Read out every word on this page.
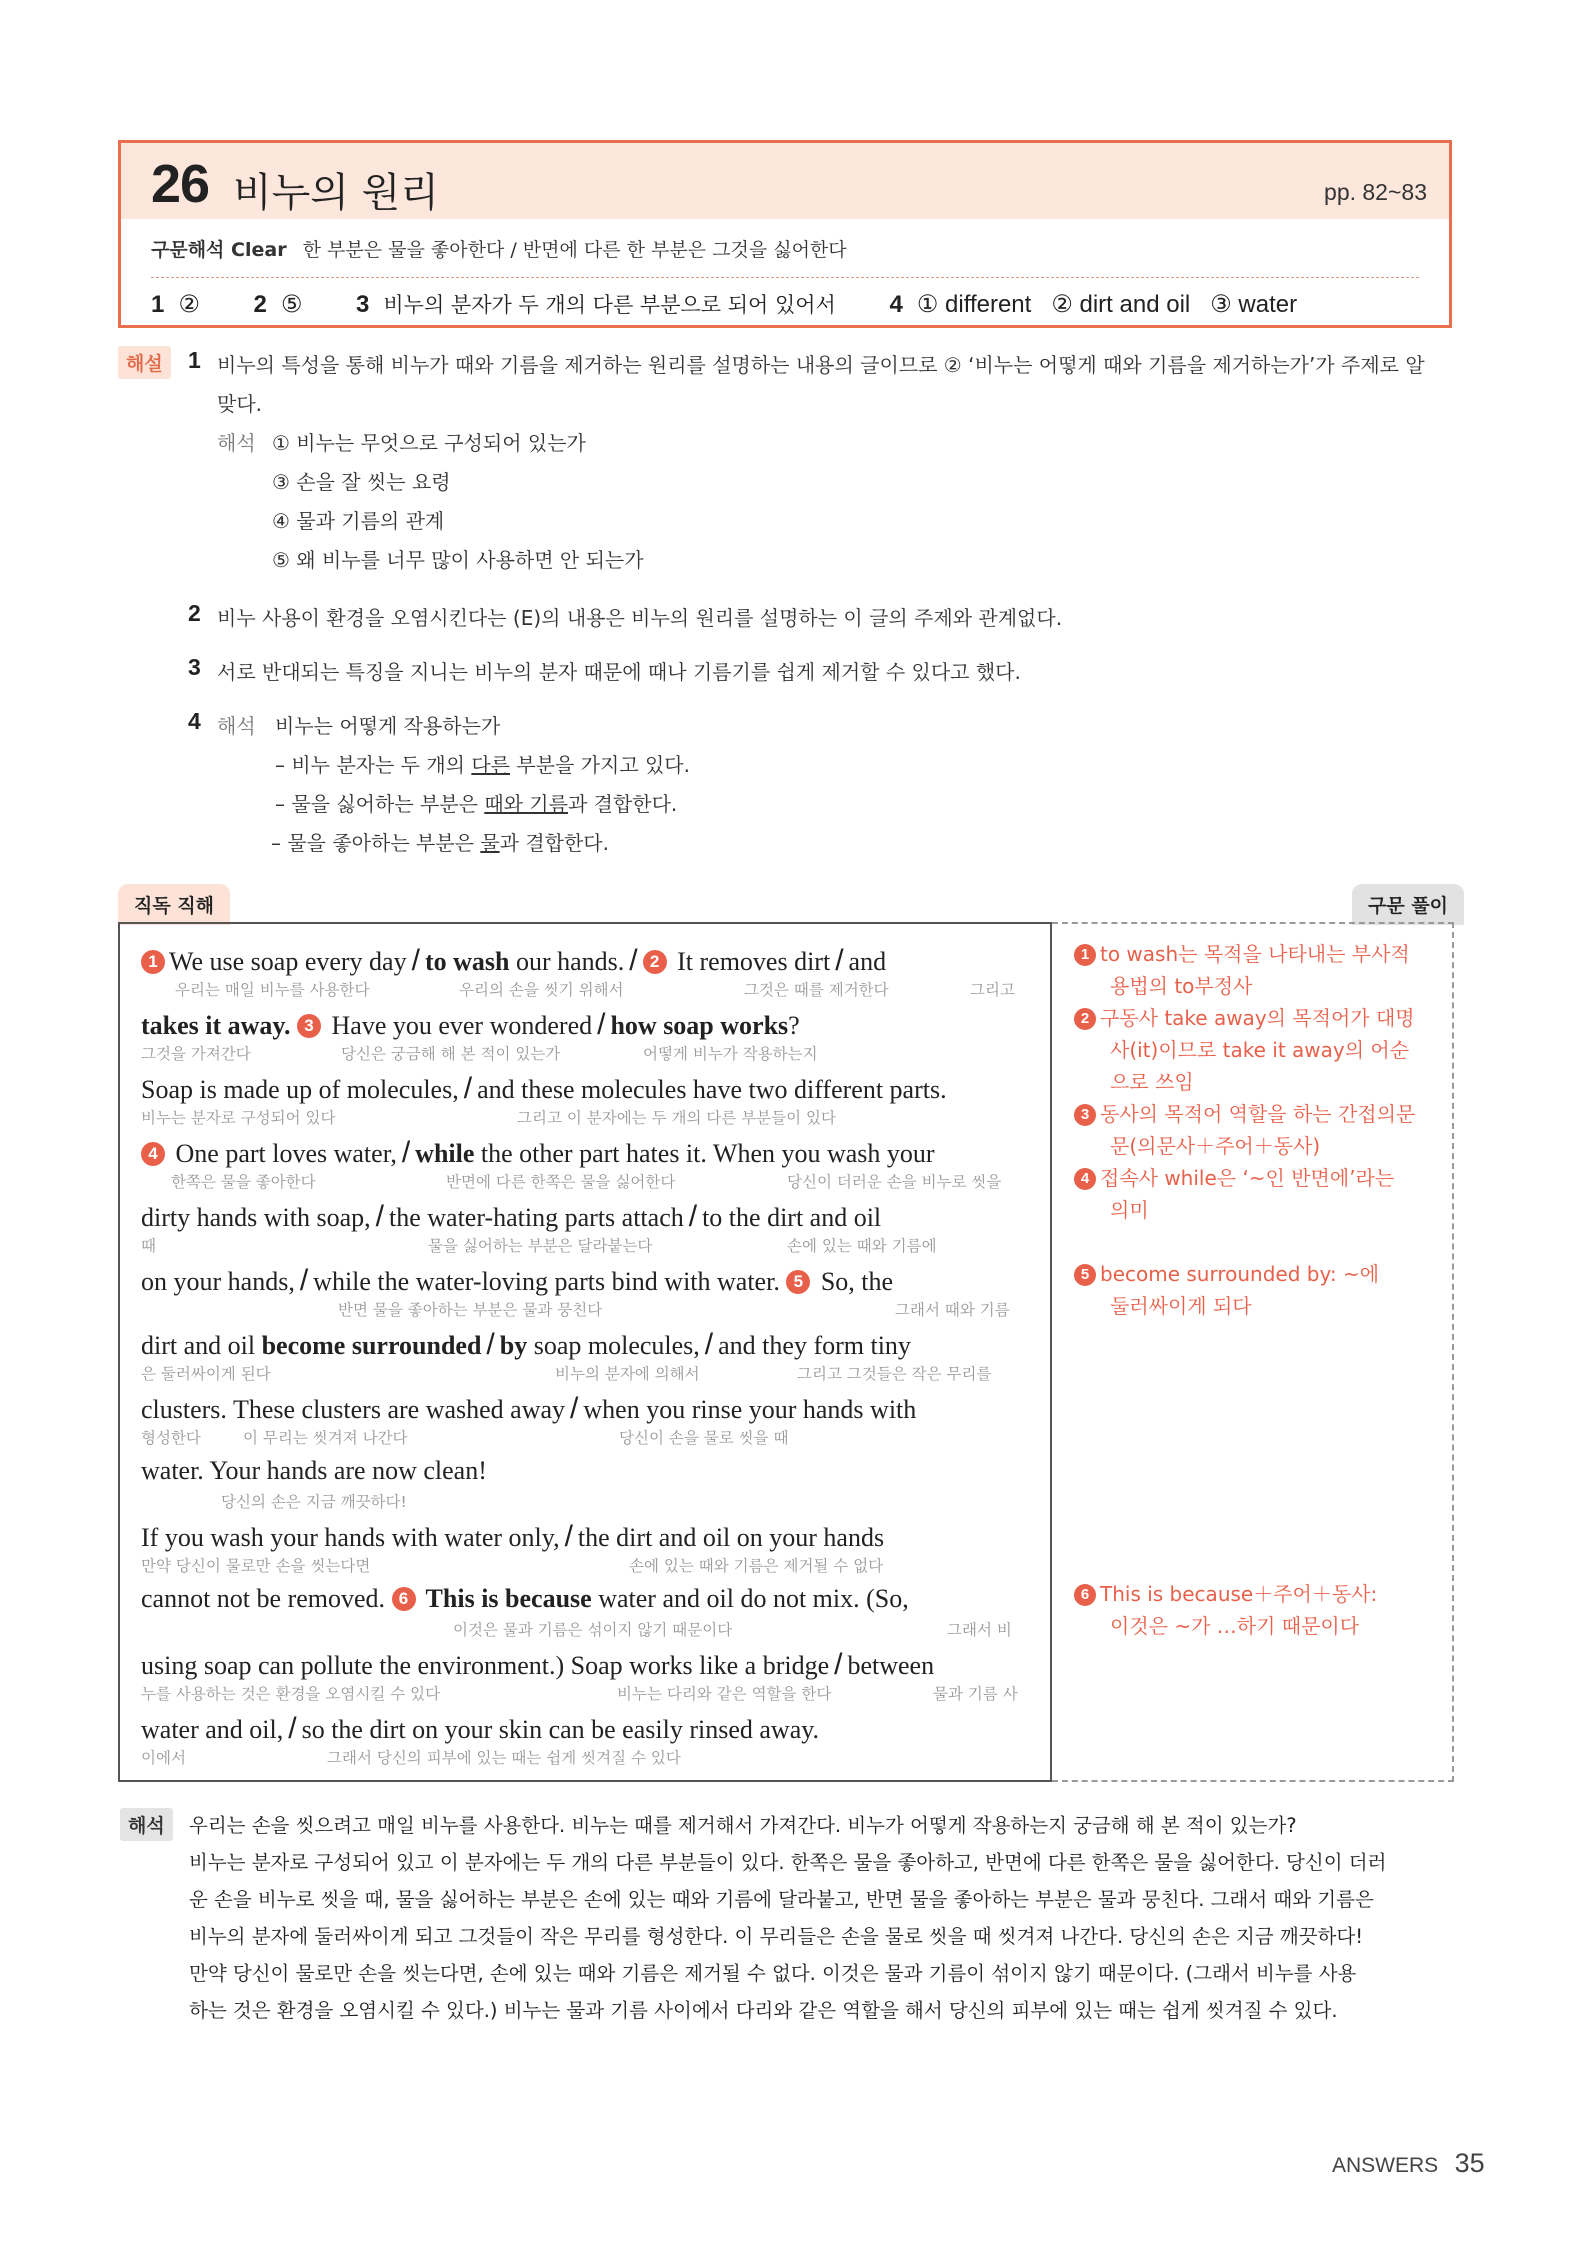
26 비누의 원리	pp. 82~83
구문해석 Clear 한 부분은 물을 좋아한다 / 반면에 다른 한 부분은 그것을 싫어한다
1 ② 2 ⑤ 3 비누의 분자가 두 개의 다른 부분으로 되어 있어서 4 ① different   ② dirt and oil   ③ water
해설	1 비누의 특성을 통해 비누가 때와 기름을 제거하는 원리를 설명하는 내용의 글이므로 ② ‘비누는 어떻게 때와 기름을 제거하는가’가 주제로 알
맞다.
해석 ① 비누는 무엇으로 구성되어 있는가
③ 손을 잘 씻는 요령
④ 물과 기름의 관계
⑤ 왜 비누를 너무 많이 사용하면 안 되는가
2 비누 사용이 환경을 오염시킨다는 (E)의 내용은 비누의 원리를 설명하는 이 글의 주제와 관계없다.
3 서로 반대되는 특징을 지니는 비누의 분자 때문에 때나 기름기를 쉽게 제거할 수 있다고 했다.
4 해석 비누는 어떻게 작용하는가
– 비누 분자는 두 개의 다른 부분을 가지고 있다.
– 물을 싫어하는 부분은 때와 기름과 결합한다.
– 물을 좋아하는 부분은 물과 결합한다.
직독 직해	구문 풀이
1 We use soap every day / to wash our hands. / 2 It removes dirt / and
우리는 매일 비누를 사용한다	우리의 손을 씻기 위해서	그것은 때를 제거한다	그리고
takes it away. 3 Have you ever wondered / how soap works?
그것을 가져간다	당신은 궁금해 해 본 적이 있는가	어떻게 비누가 작용하는지
Soap is made up of molecules, / and these molecules have two different parts.
비누는 분자로 구성되어 있다	그리고 이 분자에는 두 개의 다른 부분들이 있다
4 One part loves water, / while the other part hates it. When you wash your
한쪽은 물을 좋아한다	반면에 다른 한쪽은 물을 싫어한다	당신이 더러운 손을 비누로 씻을
dirty hands with soap, / the water-hating parts attach / to the dirt and oil
때	물을 싫어하는 부분은 달라붙는다	손에 있는 때와 기름에
on your hands, / while the water-loving parts bind with water. 5 So, the
반면 물을 좋아하는 부분은 물과 뭉친다	그래서 때와 기름
dirt and oil become surrounded / by soap molecules, / and they form tiny
은 둘러싸이게 된다	비누의 분자에 의해서	그리고 그것들은 작은 무리를
clusters. These clusters are washed away / when you rinse your hands with
형성한다	이 무리는 씻겨져 나간다	당신이 손을 물로 씻을 때
water. Your hands are now clean!
당신의 손은 지금 깨끗하다!
If you wash your hands with water only, / the dirt and oil on your hands
만약 당신이 물로만 손을 씻는다면	손에 있는 때와 기름은 제거될 수 없다
cannot not be removed. 6 This is because water and oil do not mix. (So,
이것은 물과 기름은 섞이지 않기 때문이다	그래서 비
using soap can pollute the environment.) Soap works like a bridge / between
누를 사용하는 것은 환경을 오염시킬 수 있다	비누는 다리와 같은 역할을 한다	물과 기름 사
water and oil, / so the dirt on your skin can be easily rinsed away.
이에서	그래서 당신의 피부에 있는 때는 쉽게 씻겨질 수 있다
1 to wash는 목적을 나타내는 부사적
용법의 to부정사
2 구동사 take away의 목적어가 대명
사(it)이므로 take it away의 어순
으로 쓰임
3 동사의 목적어 역할을 하는 간접의문
문(의문사＋주어＋동사)
4 접속사 while은 ‘~인 반면에’라는
의미
5 become surrounded by: ~에
둘러싸이게 되다
6 This is because＋주어＋동사:
이것은 ~가 …하기 때문이다
해석	우리는 손을 씻으려고 매일 비누를 사용한다. 비누는 때를 제거해서 가져간다. 비누가 어떻게 작용하는지 궁금해 해 본 적이 있는가?
비누는 분자로 구성되어 있고 이 분자에는 두 개의 다른 부분들이 있다. 한쪽은 물을 좋아하고, 반면에 다른 한쪽은 물을 싫어한다. 당신이 더러
운 손을 비누로 씻을 때, 물을 싫어하는 부분은 손에 있는 때와 기름에 달라붙고, 반면 물을 좋아하는 부분은 물과 뭉친다. 그래서 때와 기름은
비누의 분자에 둘러싸이게 되고 그것들이 작은 무리를 형성한다. 이 무리들은 손을 물로 씻을 때 씻겨져 나간다. 당신의 손은 지금 깨끗하다!
만약 당신이 물로만 손을 씻는다면, 손에 있는 때와 기름은 제거될 수 없다. 이것은 물과 기름이 섞이지 않기 때문이다. (그래서 비누를 사용
하는 것은 환경을 오염시킬 수 있다.) 비누는 물과 기름 사이에서 다리와 같은 역할을 해서 당신의 피부에 있는 때는 쉽게 씻겨질 수 있다.
ANSWERS 35
